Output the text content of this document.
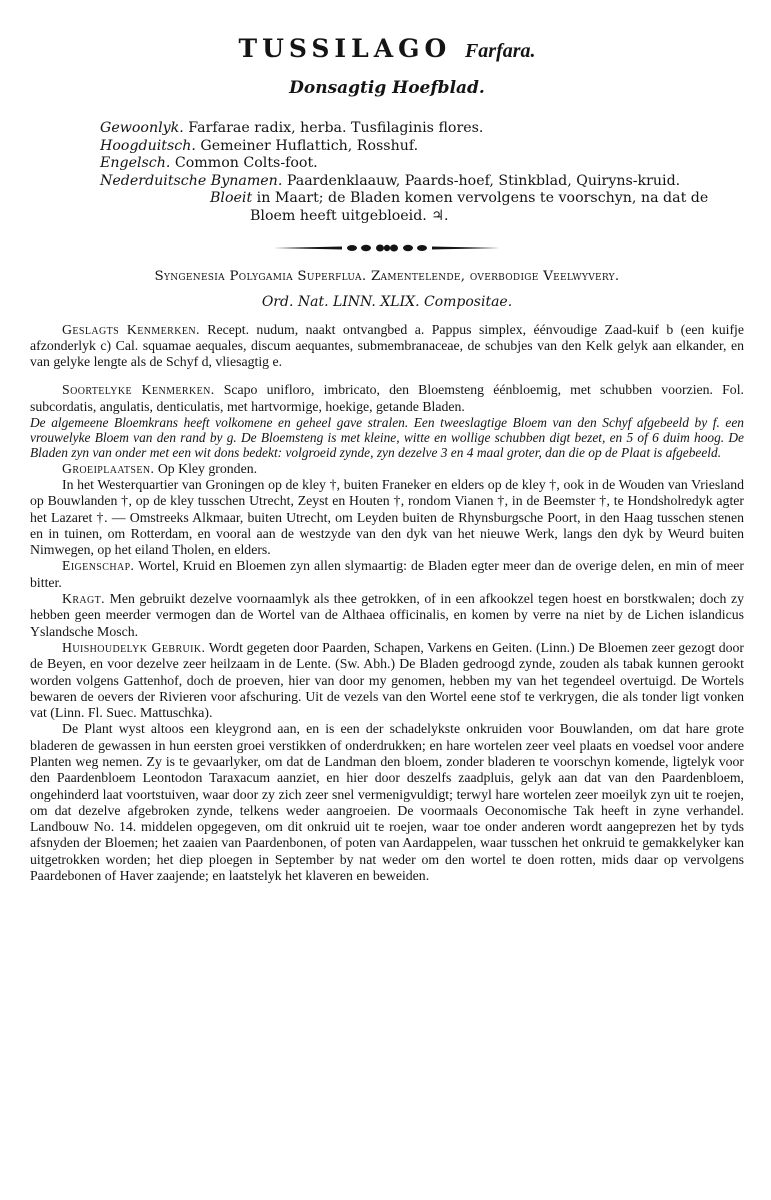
TUSSILAGO Farfara.
Donsagtig Hoefblad.
Gewoonlyk. Farfarae radix, herba. Tusfilaginis flores.
Hoogduitsch. Gemeiner Huflattich, Rosshuf.
Engelsch. Common Colts-foot.
Nederduitsche Bynamen. Paardenklaauw, Paards-hoef, Stinkblad, Quiryns-kruid.
Bloeit in Maart; de Bladen komen vervolgens te voorschyn, na dat de Bloem heeft uitgebloeid. ♃.
Syngenesia Polygamia Superflua. Zamentelende, overbodige Veelwyvery.
Ord. Nat. LINN. XLIX. Compositae.

Geslagts Kenmerken. Recept. nudum, naakt ontvangbed a. Pappus simplex, éénvoudige Zaad-kuif b (een kuifje afzonderlyk c) Cal. squamae aequales, discum aequantes, submembranaceae, de schubjes van den Kelk gelyk aan elkander, en van gelyke lengte als de Schyf d, vliesagtig e.

Soortelyke Kenmerken. Scapo unifloro, imbricato, den Bloemsteng éénbloemig, met schubben voorzien. Fol. subcordatis, angulatis, denticulatis, met hartvormige, hoekige, getande Bladen.

De algemeene Bloemkrans heeft volkomene en geheel gave stralen. Een tweeslagtige Bloem van den Schyf afgebeeld by f. een vrouwelyke Bloem van den rand by g. De Bloemsteng is met kleine, witte en wollige schubben digt bezet, en 5 of 6 duim hoog. De Bladen zyn van onder met een wit dons bedekt: volgroeid zynde, zyn dezelve 3 en 4 maal groter, dan die op de Plaat is afgebeeld.

Groeiplaatsen. Op Kley gronden.

In het Westerquartier van Groningen op de kley †, buiten Franeker en elders op de kley †, ook in de Wouden van Vriesland op Bouwlanden †, op de kley tusschen Utrecht, Zeyst en Houten †, rondom Vianen †, in de Beemster †, te Hondsholredyk agter het Lazaret †. — Omstreeks Alkmaar, buiten Utrecht, om Leyden buiten de Rhynsburgsche Poort, in den Haag tusschen stenen en in tuinen, om Rotterdam, en vooral aan de westzyde van den dyk van het nieuwe Werk, langs den dyk by Weurd buiten Nimwegen, op het eiland Tholen, en elders.

Eigenschap. Wortel, Kruid en Bloemen zyn allen slymaartig: de Bladen egter meer dan de overige delen, en min of meer bitter.

Kragt. Men gebruikt dezelve voornaamlyk als thee getrokken, of in een afkookzel tegen hoest en borstkwalen; doch zy hebben geen meerder vermogen dan de Wortel van de Althaea officinalis, en komen by verre na niet by de Lichen islandicus Yslandsche Mosch.

Huishoudelyk Gebruik. Wordt gegeten door Paarden, Schapen, Varkens en Geiten. (Linn.) De Bloemen zeer gezogt door de Beyen, en voor dezelve zeer heilzaam in de Lente. (Sw. Abh.) De Bladen gedroogd zynde, zouden als tabak kunnen gerookt worden volgens Gattenhof, doch de proeven, hier van door my genomen, hebben my van het tegendeel overtuigd. De Wortels bewaren de oevers der Rivieren voor afschuring. Uit de vezels van den Wortel eene stof te verkrygen, die als tonder ligt vonken vat (Linn. Fl. Suec. Mattuschka).

De Plant wyst altoos een kleygrond aan, en is een der schadelykste onkruiden voor Bouwlanden, om dat hare grote bladeren de gewassen in hun eersten groei verstikken of onderdrukken; en hare wortelen zeer veel plaats en voedsel voor andere Planten weg nemen. Zy is te gevaarlyker, om dat de Landman den bloem, zonder bladeren te voorschyn komende, ligtelyk voor den Paardenbloem Leontodon Taraxacum aanziet, en hier door deszelfs zaadpluis, gelyk aan dat van den Paardenbloem, ongehinderd laat voortstuiven, waar door zy zich zeer snel vermenigvuldigt; terwyl hare wortelen zeer moeilyk zyn uit te roejen, om dat dezelve afgebroken zynde, telkens weder aangroeien. De voormaals Oeconomische Tak heeft in zyne verhandel. Landbouw No. 14. middelen opgegeven, om dit onkruid uit te roejen, waar toe onder anderen wordt aangeprezen het by tyds afsnyden der Bloemen; het zaaien van Paardenbonen, of poten van Aardappelen, waar tusschen het onkruid te gemakkelyker kan uitgetrokken worden; het diep ploegen in September by nat weder om den wortel te doen rotten, mids daar op vervolgens Paardebonen of Haver zaajende; en laatstelyk het klaveren en beweiden.
